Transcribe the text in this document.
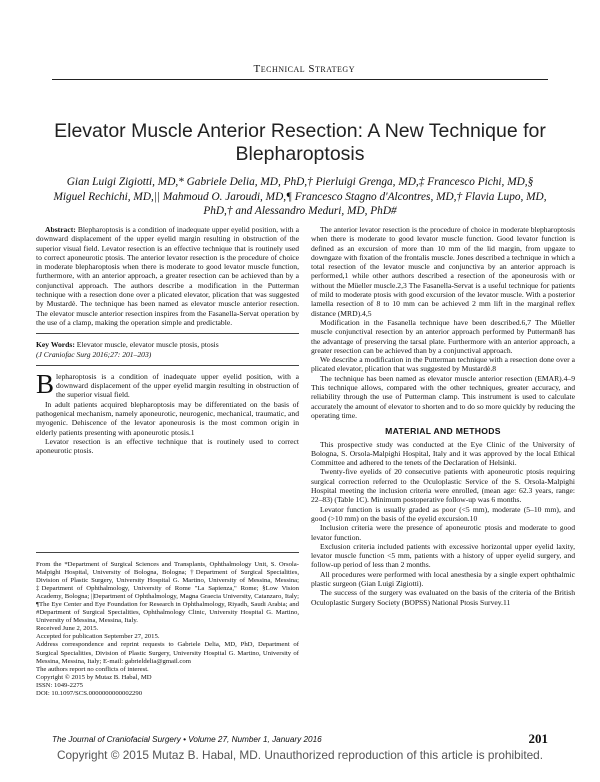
Technical Strategy
Elevator Muscle Anterior Resection: A New Technique for Blepharoptosis
Gian Luigi Zigiotti, MD,* Gabriele Delia, MD, PhD,† Pierluigi Grenga, MD,‡ Francesco Pichi, MD,§ Miguel Rechichi, MD,|| Mahmoud O. Jaroudi, MD,¶ Francesco Stagno d'Alcontres, MD,† Flavia Lupo, MD, PhD,† and Alessandro Meduri, MD, PhD#

Abstract: Blepharoptosis is a condition of inadequate upper eyelid position, with a downward displacement of the upper eyelid margin resulting in obstruction of the superior visual field. Levator resection is an effective technique that is routinely used to correct aponeurotic ptosis. The anterior levator resection is the procedure of choice in moderate blepharoptosis when there is moderate to good levator muscle function, furthermore, with an anterior approach, a greater resection can be achieved than by a conjunctival approach. The authors describe a modification in the Putterman technique with a resection done over a plicated elevator, plication that was suggested by Mustardè. The technique has been named as elevator muscle anterior resection. The elevator muscle anterior resection inspires from the Fasanella-Servat operation by the use of a clamp, making the operation simple and predictable.

Key Words: Elevator muscle, elevator muscle ptosis, ptosis

(J Craniofac Surg 2016;27: 201–203)

Blepharoptosis is a condition of inadequate upper eyelid position, with a downward displacement of the upper eyelid margin resulting in obstruction of the superior visual field.

In adult patients acquired blepharoptosis may be differentiated on the basis of pathogenical mechanism, namely aponeurotic, neurogenic, mechanical, traumatic, and myogenic. Dehiscence of the levator aponeurosis is the most common origin in elderly patients presenting with aponeurotic ptosis.1

Levator resection is an effective technique that is routinely used to correct aponeurotic ptosis.

From the *Department of Surgical Sciences and Transplants, Ophthalmology Unit, S. Orsola-Malpighi Hospital, University of Bologna, Bologna; †Department of Surgical Specialities, Division of Plastic Surgery, University Hospital G. Martino, University of Messina, Messina; ‡Department of Ophthalmology, University of Rome "La Sapienza," Rome; §Low Vision Academy, Bologna; ||Department of Ophthalmology, Magna Graecia University, Catanzaro, Italy; ¶The Eye Center and Eye Foundation for Research in Ophthalmology, Riyadh, Saudi Arabia; and #Department of Surgical Specialities, Ophthalmology Clinic, University Hospital G. Martino, University of Messina, Messina, Italy.
Received June 2, 2015.
Accepted for publication September 27, 2015.
Address correspondence and reprint requests to Gabriele Delia, MD, PhD, Department of Surgical Specialities, Division of Plastic Surgery, University Hospital G. Martino, University of Messina, Messina, Italy; E-mail: gabrieldelia@gmail.com
The authors report no conflicts of interest.
Copyright © 2015 by Mutaz B. Habal, MD
ISSN: 1049-2275
DOI: 10.1097/SCS.0000000000002290

The anterior levator resection is the procedure of choice in moderate blepharoptosis when there is moderate to good levator muscle function. Good levator function is defined as an excursion of more than 10 mm of the lid margin, from upgaze to downgaze with fixation of the frontalis muscle. Jones described a technique in which a total resection of the levator muscle and conjunctiva by an anterior approach is performed,1 while other authors described a resection of the aponeurosis with or without the Müeller muscle.2,3 The Fasanella-Servat is a useful technique for patients of mild to moderate ptosis with good excursion of the levator muscle. With a posterior lamella resection of 8 to 10 mm can be achieved 2 mm lift in the marginal reflex distance (MRD).4,5

Modification in the Fasanella technique have been described.6,7 The Müeller muscle conjunctival resection by an anterior approach performed by Putterman8 has the advantage of preserving the tarsal plate. Furthermore with an anterior approach, a greater resection can be achieved than by a conjunctival approach.

We describe a modification in the Putterman technique with a resection done over a plicated elevator, plication that was suggested by Mustardè.8

The technique has been named as elevator muscle anterior resection (EMAR).4–9 This technique allows, compared with the other techniques, greater accuracy, and reliability through the use of Putterman clamp. This instrument is used to calculate accurately the amount of elevator to shorten and to do so more quickly by reducing the operating time.

MATERIAL AND METHODS

This prospective study was conducted at the Eye Clinic of the University of Bologna, S. Orsola-Malpighi Hospital, Italy and it was approved by the local Ethical Committee and adhered to the tenets of the Declaration of Helsinki.

Twenty-five eyelids of 20 consecutive patients with aponeurotic ptosis requiring surgical correction referred to the Oculoplastic Service of the S. Orsola-Malpighi Hospital meeting the inclusion criteria were enrolled, (mean age: 62.3 years, range: 22–83) (Table 1C). Minimum postoperative follow-up was 6 months.

Levator function is usually graded as poor (<5 mm), moderate (5–10 mm), and good (>10 mm) on the basis of the eyelid excursion.10

Inclusion criteria were the presence of aponeurotic ptosis and moderate to good levator function.

Exclusion criteria included patients with excessive horizontal upper eyelid laxity, levator muscle function <5 mm, patients with a history of upper eyelid surgery, and follow-up period of less than 2 months.

All procedures were performed with local anesthesia by a single expert ophthalmic plastic surgeon (Gian Luigi Zigiotti).

The success of the surgery was evaluated on the basis of the criteria of the British Oculoplastic Surgery Society (BOPSS) National Ptosis Survey.11

The Journal of Craniofacial Surgery • Volume 27, Number 1, January 2016	201
Copyright © 2015 Mutaz B. Habal, MD. Unauthorized reproduction of this article is prohibited.
